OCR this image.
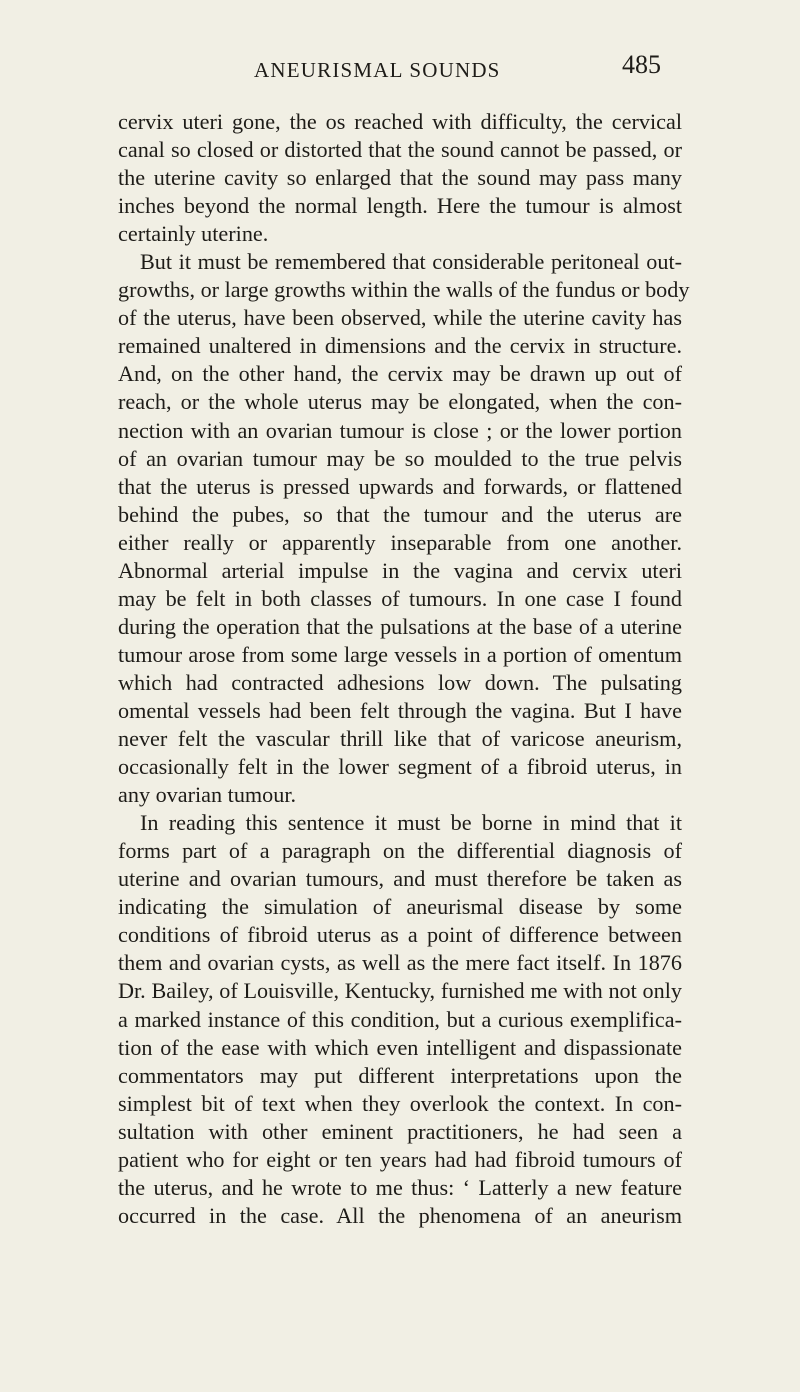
ANEURISMAL SOUNDS	485
cervix uteri gone, the os reached with difficulty, the cervical
canal so closed or distorted that the sound cannot be passed, or
the uterine cavity so enlarged that the sound may pass many
inches beyond the normal length. Here the tumour is almost
certainly uterine.
But it must be remembered that considerable peritoneal out-
growths, or large growths within the walls of the fundus or body
of the uterus, have been observed, while the uterine cavity has
remained unaltered in dimensions and the cervix in structure.
And, on the other hand, the cervix may be drawn up out of
reach, or the whole uterus may be elongated, when the con-
nection with an ovarian tumour is close ; or the lower portion
of an ovarian tumour may be so moulded to the true pelvis
that the uterus is pressed upwards and forwards, or flattened
behind the pubes, so that the tumour and the uterus are
either really or apparently inseparable from one another.
Abnormal arterial impulse in the vagina and cervix uteri
may be felt in both classes of tumours. In one case I found
during the operation that the pulsations at the base of a uterine
tumour arose from some large vessels in a portion of omentum
which had contracted adhesions low down. The pulsating
omental vessels had been felt through the vagina. But I have
never felt the vascular thrill like that of varicose aneurism,
occasionally felt in the lower segment of a fibroid uterus, in
any ovarian tumour.
In reading this sentence it must be borne in mind that it
forms part of a paragraph on the differential diagnosis of
uterine and ovarian tumours, and must therefore be taken as
indicating the simulation of aneurismal disease by some
conditions of fibroid uterus as a point of difference between
them and ovarian cysts, as well as the mere fact itself. In 1876
Dr. Bailey, of Louisville, Kentucky, furnished me with not only
a marked instance of this condition, but a curious exemplifica-
tion of the ease with which even intelligent and dispassionate
commentators may put different interpretations upon the
simplest bit of text when they overlook the context. In con-
sultation with other eminent practitioners, he had seen a
patient who for eight or ten years had had fibroid tumours of
the uterus, and he wrote to me thus: ‘ Latterly a new feature
occurred in the case. All the phenomena of an aneurism
